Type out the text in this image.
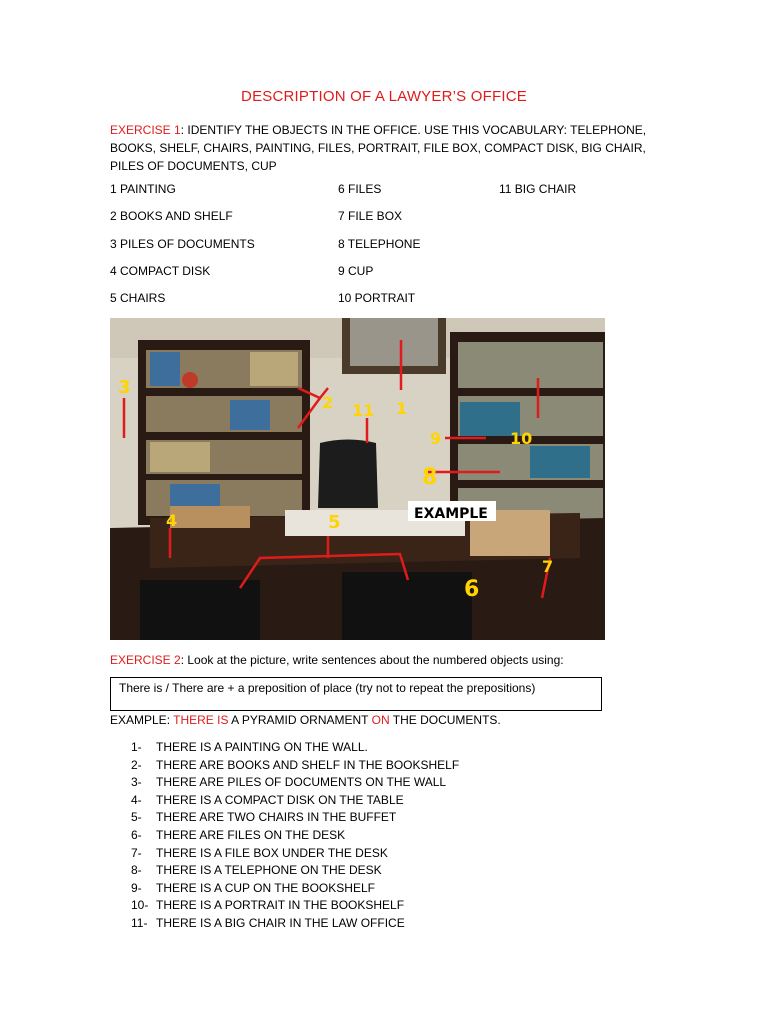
DESCRIPTION OF A LAWYER’S OFFICE
EXERCISE 1: IDENTIFY THE OBJECTS IN THE OFFICE. USE THIS VOCABULARY: TELEPHONE,
BOOKS, SHELF, CHAIRS, PAINTING, FILES, PORTRAIT, FILE BOX, COMPACT DISK, BIG CHAIR,
PILES OF DOCUMENTS, CUP
1 PAINTING
2 BOOKS AND SHELF
3 PILES OF DOCUMENTS
4 COMPACT DISK
5 CHAIRS
6 FILES
7 FILE BOX
8 TELEPHONE
9 CUP
10 PORTRAIT
11 BIG CHAIR
1
2
3
4	5
6
7
8
9	10
11
EXAMPLE
EXERCISE 2: Look at the picture, write sentences about the numbered objects using:
There is / There are + a preposition of place (try not to repeat the prepositions)
EXAMPLE: THERE IS A PYRAMID ORNAMENT ON THE DOCUMENTS.
1- THERE IS A PAINTING ON THE WALL.
2- THERE ARE BOOKS AND SHELF IN THE BOOKSHELF
3- THERE ARE PILES OF DOCUMENTS ON THE WALL
4- THERE IS A COMPACT DISK ON THE TABLE
5- THERE ARE TWO CHAIRS IN THE BUFFET
6- THERE ARE FILES ON THE DESK
7- THERE IS A FILE BOX UNDER THE DESK
8- THERE IS A TELEPHONE ON THE DESK
9- THERE IS A CUP ON THE BOOKSHELF
10- THERE IS A PORTRAIT IN THE BOOKSHELF
11- THERE IS A BIG CHAIR IN THE LAW OFFICE
